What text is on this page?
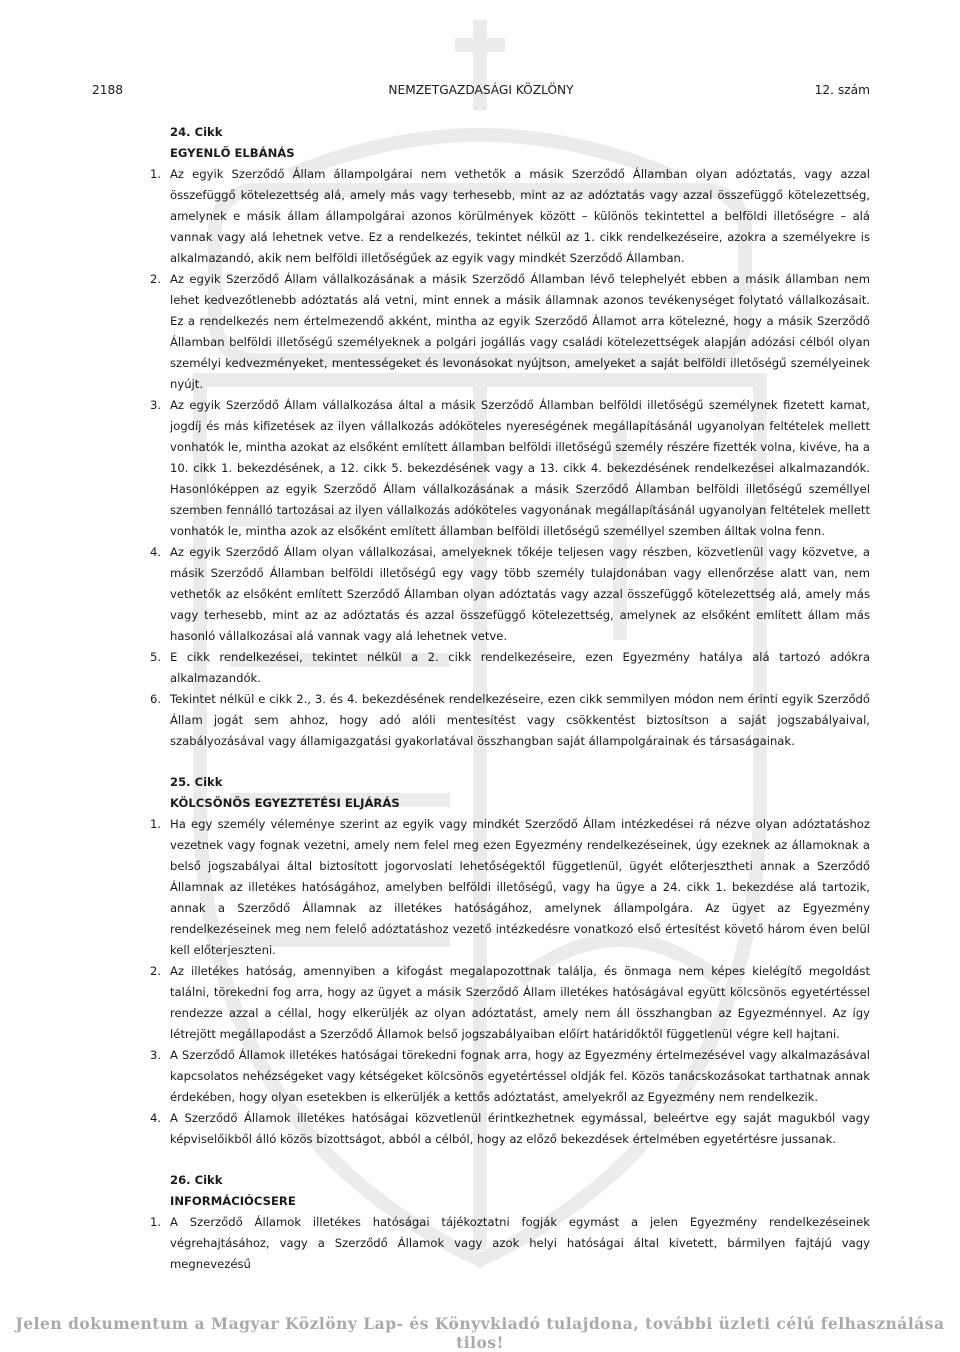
2188	NEMZETGAZDASÁGI KÖZLÖNY	12. szám
24. Cikk
EGYENLŐ ELBÁNÁS
1. Az egyik Szerződő Állam állampolgárai nem vethetők a másik Szerződő Államban olyan adóztatás, vagy azzal összefüggő kötelezettség alá, amely más vagy terhesebb, mint az az adóztatás vagy azzal összefüggő kötelezettség, amelynek e másik állam állampolgárai azonos körülmények között – különös tekintettel a belföldi illetőségre – alá vannak vagy alá lehetnek vetve. Ez a rendelkezés, tekintet nélkül az 1. cikk rendelkezéseire, azokra a személyekre is alkalmazandó, akik nem belföldi illetőségűek az egyik vagy mindkét Szerződő Államban.
2. Az egyik Szerződő Állam vállalkozásának a másik Szerződő Államban lévő telephelyét ebben a másik államban nem lehet kedvezőtlenebb adóztatás alá vetni, mint ennek a másik államnak azonos tevékenységet folytató vállalkozásait. Ez a rendelkezés nem értelmezendő akként, mintha az egyik Szerződő Államot arra kötelezné, hogy a másik Szerződő Államban belföldi illetőségű személyeknek a polgári jogállás vagy családi kötelezettségek alapján adózási célból olyan személyi kedvezményeket, mentességeket és levonásokat nyújtson, amelyeket a saját belföldi illetőségű személyeinek nyújt.
3. Az egyik Szerződő Állam vállalkozása által a másik Szerződő Államban belföldi illetőségű személynek fizetett kamat, jogdíj és más kifizetések az ilyen vállalkozás adóköteles nyereségének megállapításánál ugyanolyan feltételek mellett vonhatók le, mintha azokat az elsőként említett államban belföldi illetőségű személy részére fizették volna, kivéve, ha a 10. cikk 1. bekezdésének, a 12. cikk 5. bekezdésének vagy a 13. cikk 4. bekezdésének rendelkezései alkalmazandók. Hasonlóképpen az egyik Szerződő Állam vállalkozásának a másik Szerződő Államban belföldi illetőségű személlyel szemben fennálló tartozásai az ilyen vállalkozás adóköteles vagyonának megállapításánál ugyanolyan feltételek mellett vonhatók le, mintha azok az elsőként említett államban belföldi illetőségű személlyel szemben álltak volna fenn.
4. Az egyik Szerződő Állam olyan vállalkozásai, amelyeknek tőkéje teljesen vagy részben, közvetlenül vagy közvetve, a másik Szerződő Államban belföldi illetőségű egy vagy több személy tulajdonában vagy ellenőrzése alatt van, nem vethetők az elsőként említett Szerződő Államban olyan adóztatás vagy azzal összefüggő kötelezettség alá, amely más vagy terhesebb, mint az az adóztatás és azzal összefüggő kötelezettség, amelynek az elsőként említett állam más hasonló vállalkozásai alá vannak vagy alá lehetnek vetve.
5. E cikk rendelkezései, tekintet nélkül a 2. cikk rendelkezéseire, ezen Egyezmény hatálya alá tartozó adókra alkalmazandók.
6. Tekintet nélkül e cikk 2., 3. és 4. bekezdésének rendelkezéseire, ezen cikk semmilyen módon nem érinti egyik Szerződő Állam jogát sem ahhoz, hogy adó alóli mentesítést vagy csökkentést biztosítson a saját jogszabályaival, szabályozásával vagy államigazgatási gyakorlatával összhangban saját állampolgárainak és társaságainak.
25. Cikk
KÖLCSÖNÖS EGYEZTETÉSI ELJÁRÁS
1. Ha egy személy véleménye szerint az egyik vagy mindkét Szerződő Állam intézkedései rá nézve olyan adóztatáshoz vezetnek vagy fognak vezetni, amely nem felel meg ezen Egyezmény rendelkezéseinek, úgy ezeknek az államoknak a belső jogszabályai által biztosított jogorvoslati lehetőségektől függetlenül, ügyét előterjesztheti annak a Szerződő Államnak az illetékes hatóságához, amelyben belföldi illetőségű, vagy ha ügye a 24. cikk 1. bekezdése alá tartozik, annak a Szerződő Államnak az illetékes hatóságához, amelynek állampolgára. Az ügyet az Egyezmény rendelkezéseinek meg nem felelő adóztatáshoz vezető intézkedésre vonatkozó első értesítést követő három éven belül kell előterjeszteni.
2. Az illetékes hatóság, amennyiben a kifogást megalapozottnak találja, és önmaga nem képes kielégítő megoldást találni, törekedni fog arra, hogy az ügyet a másik Szerződő Állam illetékes hatóságával együtt kölcsönös egyetértéssel rendezze azzal a céllal, hogy elkerüljék az olyan adóztatást, amely nem áll összhangban az Egyezménnyel. Az így létrejött megállapodást a Szerződő Államok belső jogszabályaiban előírt határidőktől függetlenül végre kell hajtani.
3. A Szerződő Államok illetékes hatóságai törekedni fognak arra, hogy az Egyezmény értelmezésével vagy alkalmazásával kapcsolatos nehézségeket vagy kétségeket kölcsönös egyetértéssel oldják fel. Közös tanácskozásokat tarthatnak annak érdekében, hogy olyan esetekben is elkerüljék a kettős adóztatást, amelyekről az Egyezmény nem rendelkezik.
4. A Szerződő Államok illetékes hatóságai közvetlenül érintkezhetnek egymással, beleértve egy saját magukból vagy képviselőikből álló közös bizottságot, abból a célból, hogy az előző bekezdések értelmében egyetértésre jussanak.
26. Cikk
INFORMÁCIÓCSERE
1. A Szerződő Államok illetékes hatóságai tájékoztatni fogják egymást a jelen Egyezmény rendelkezéseinek végrehajtásához, vagy a Szerződő Államok vagy azok helyi hatóságai által kivetett, bármilyen fajtájú vagy megnevezésű
Jelen dokumentum a Magyar Közlöny Lap- és Könyvkiadó tulajdona, további üzleti célú felhasználása tilos!
